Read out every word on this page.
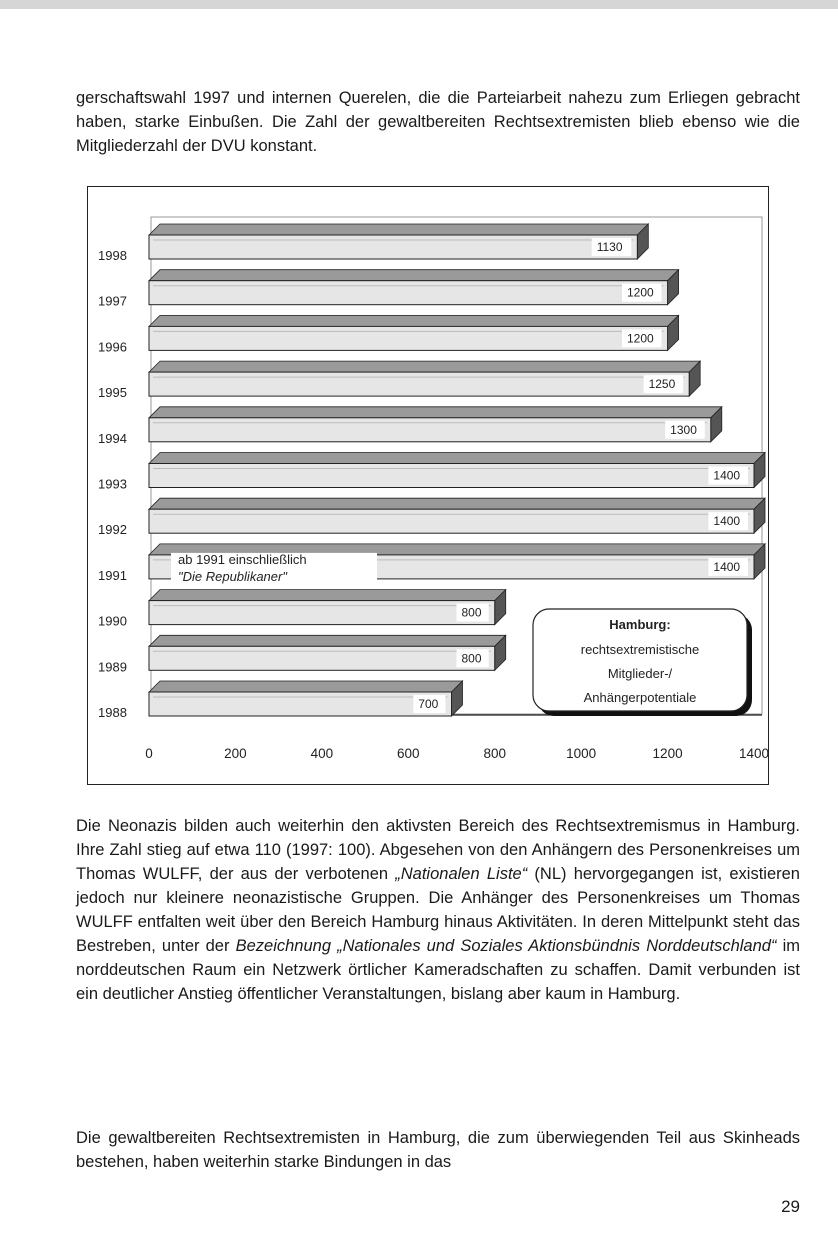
gerschaftswahl 1997 und internen Querelen, die die Parteiarbeit nahezu zum Erliegen gebracht haben, starke Einbußen. Die Zahl der gewaltbereiten Rechtsextremisten blieb ebenso wie die Mitgliederzahl der DVU konstant.

1998
1130
1997
1200
1996
1200
1995
1250
1994
1300
1993
1400
1992
1400
1991
1400
1990
800
1989
800
1988
700
ab 1991 einschließlich
"Die Republikaner"
0	200	400	600	800	1000	1200	1400
Hamburg:
rechtsextremistische
Mitglieder-/
Anhängerpotentiale

Die Neonazis bilden auch weiterhin den aktivsten Bereich des Rechtsextremismus in Hamburg. Ihre Zahl stieg auf etwa 110 (1997: 100). Abgesehen von den Anhängern des Personenkreises um Thomas WULFF, der aus der verbotenen „Nationalen Liste“ (NL) hervorgegangen ist, existieren jedoch nur kleinere neonazistische Gruppen. Die Anhänger des Personenkreises um Thomas WULFF entfalten weit über den Bereich Hamburg hinaus Aktivitäten. In deren Mittelpunkt steht das Bestreben, unter der Bezeichnung „Nationales und Soziales Aktionsbündnis Norddeutschland“ im norddeutschen Raum ein Netzwerk örtlicher Kameradschaften zu schaffen. Damit verbunden ist ein deutlicher Anstieg öffentlicher Veranstaltungen, bislang aber kaum in Hamburg.

Die gewaltbereiten Rechtsextremisten in Hamburg, die zum überwiegenden Teil aus Skinheads bestehen, haben weiterhin starke Bindungen in das

29
